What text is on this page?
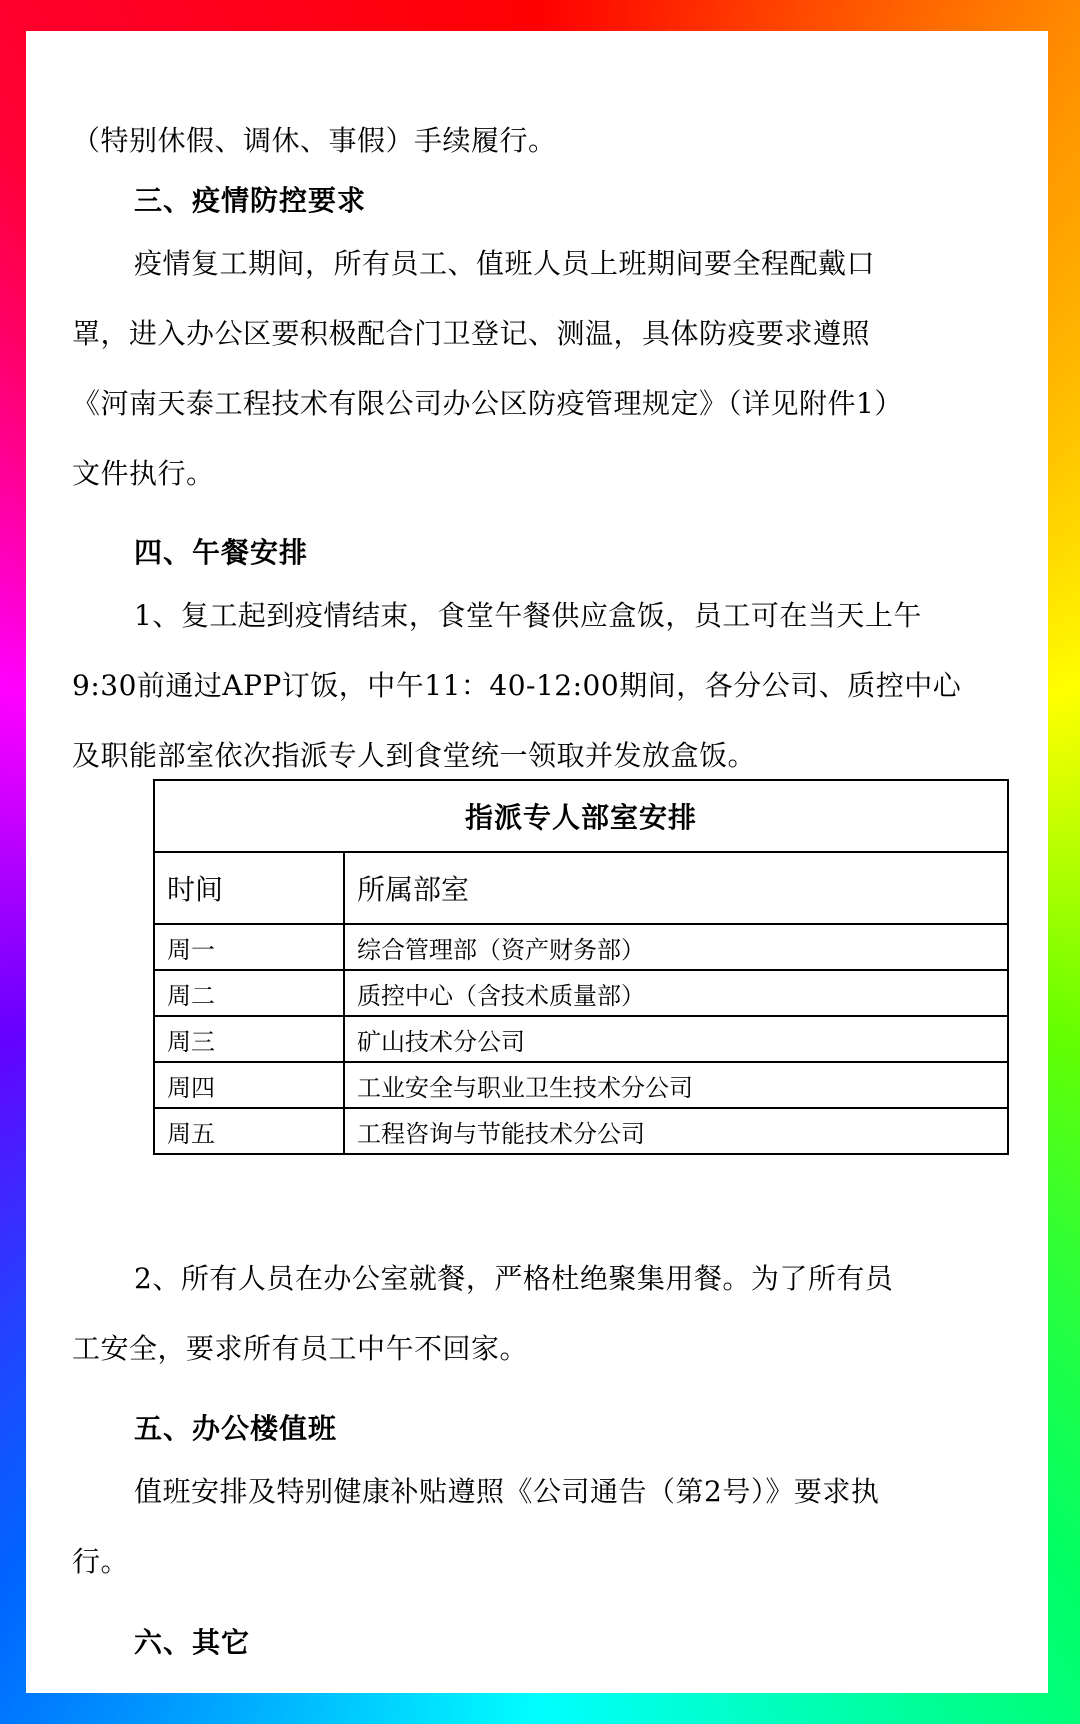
（特别休假、调休、事假）手续履行。
三、疫情防控要求
疫情复工期间，所有员工、值班人员上班期间要全程配戴口
罩，进入办公区要积极配合门卫登记、测温，具体防疫要求遵照
《河南天泰工程技术有限公司办公区防疫管理规定》（详见附件1）
文件执行。
四、午餐安排
1、复工起到疫情结束，食堂午餐供应盒饭，员工可在当天上午
9:30前通过APP订饭，中午11：40-12:00期间，各分公司、质控中心
及职能部室依次指派专人到食堂统一领取并发放盒饭。
指派专人部室安排	
时间	所属部室
周一	综合管理部（资产财务部）
周二	质控中心（含技术质量部）
周三	矿山技术分公司
周四	工业安全与职业卫生技术分公司
周五	工程咨询与节能技术分公司
2、所有人员在办公室就餐，严格杜绝聚集用餐。为了所有员
工安全，要求所有员工中午不回家。
五、办公楼值班
值班安排及特别健康补贴遵照《公司通告（第2号）》要求执
行。
六、其它
